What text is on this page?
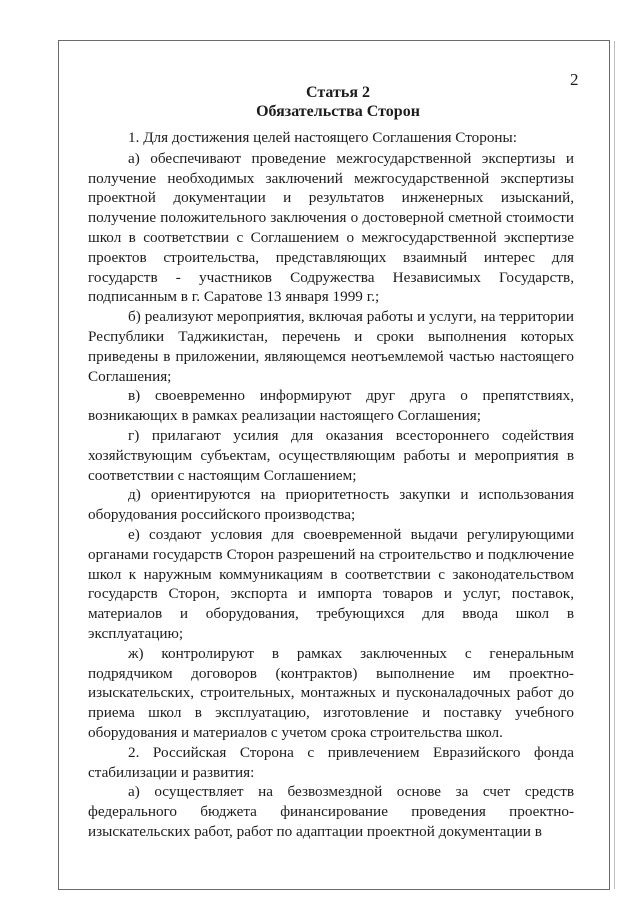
2
Статья 2
Обязательства Сторон

1. Для достижения целей настоящего Соглашения Стороны:

а) обеспечивают проведение межгосударственной экспертизы и получение необходимых заключений межгосударственной экспертизы проектной документации и результатов инженерных изысканий, получение положительного заключения о достоверной сметной стоимости школ в соответствии с Соглашением о межгосударственной экспертизе проектов строительства, представляющих взаимный интерес для государств - участников Содружества Независимых Государств, подписанным в г. Саратове 13 января 1999 г.;

б) реализуют мероприятия, включая работы и услуги, на территории Республики Таджикистан, перечень и сроки выполнения которых приведены в приложении, являющемся неотъемлемой частью настоящего Соглашения;

в) своевременно информируют друг друга о препятствиях, возникающих в рамках реализации настоящего Соглашения;

г) прилагают усилия для оказания всестороннего содействия хозяйствующим субъектам, осуществляющим работы и мероприятия в соответствии с настоящим Соглашением;

д) ориентируются на приоритетность закупки и использования оборудования российского производства;

е) создают условия для своевременной выдачи регулирующими органами государств Сторон разрешений на строительство и подключение школ к наружным коммуникациям в соответствии с законодательством государств Сторон, экспорта и импорта товаров и услуг, поставок, материалов и оборудования, требующихся для ввода школ в эксплуатацию;

ж) контролируют в рамках заключенных с генеральным подрядчиком договоров (контрактов) выполнение им проектно-изыскательских, строительных, монтажных и пусконаладочных работ до приема школ в эксплуатацию, изготовление и поставку учебного оборудования и материалов с учетом срока строительства школ.

2. Российская Сторона с привлечением Евразийского фонда стабилизации и развития:

а) осуществляет на безвозмездной основе за счет средств федерального бюджета финансирование проведения проектно-изыскательских работ, работ по адаптации проектной документации в
